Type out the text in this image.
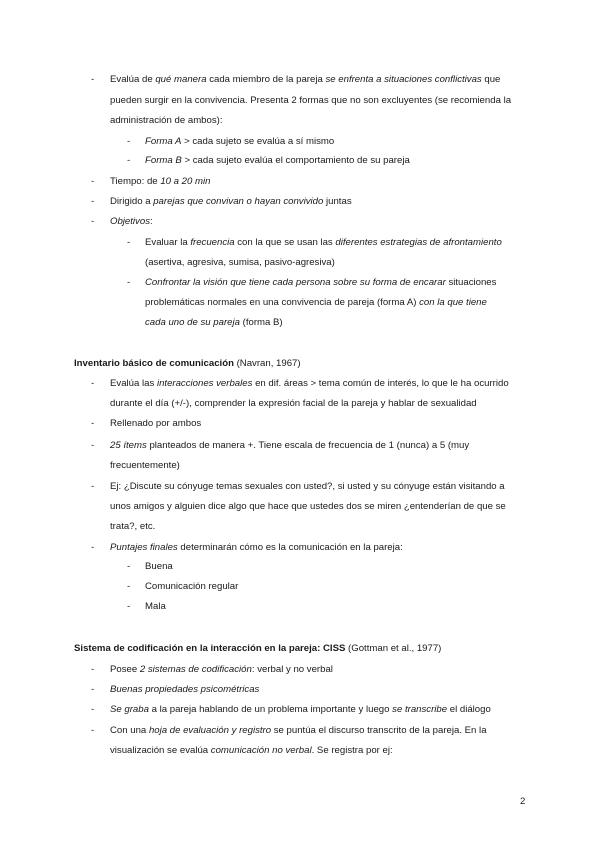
- Evalúa de qué manera cada miembro de la pareja se enfrenta a situaciones conflictivas que
pueden surgir en la convivencia. Presenta 2 formas que no son excluyentes (se recomienda la
administración de ambos):
- Forma A > cada sujeto se evalúa a sí mismo
- Forma B > cada sujeto evalúa el comportamiento de su pareja
- Tiempo: de 10 a 20 min
- Dirigido a parejas que convivan o hayan convivido juntas
- Objetivos:
- Evaluar la frecuencia con la que se usan las diferentes estrategias de afrontamiento
(asertiva, agresiva, sumisa, pasivo-agresiva)
- Confrontar la visión que tiene cada persona sobre su forma de encarar situaciones
problemáticas normales en una convivencia de pareja (forma A) con la que tiene
cada uno de su pareja (forma B)
Inventario básico de comunicación (Navran, 1967)
- Evalúa las interacciones verbales en dif. áreas > tema común de interés, lo que le ha ocurrido
durante el día (+/-), comprender la expresión facial de la pareja y hablar de sexualidad
- Rellenado por ambos
- 25 ítems planteados de manera +. Tiene escala de frecuencia de 1 (nunca) a 5 (muy
frecuentemente)
- Ej: ¿Discute su cónyuge temas sexuales con usted?, si usted y su cónyuge están visitando a
unos amigos y alguien dice algo que hace que ustedes dos se miren ¿entenderían de que se
trata?, etc.
- Puntajes finales determinarán cómo es la comunicación en la pareja:
- Buena
- Comunicación regular
- Mala
Sistema de codificación en la interacción en la pareja: CISS (Gottman et al., 1977)
- Posee 2 sistemas de codificación: verbal y no verbal
- Buenas propiedades psicométricas
- Se graba a la pareja hablando de un problema importante y luego se transcribe el diálogo
- Con una hoja de evaluación y registro se puntúa el discurso transcrito de la pareja. En la
visualización se evalúa comunicación no verbal. Se registra por ej:
2
